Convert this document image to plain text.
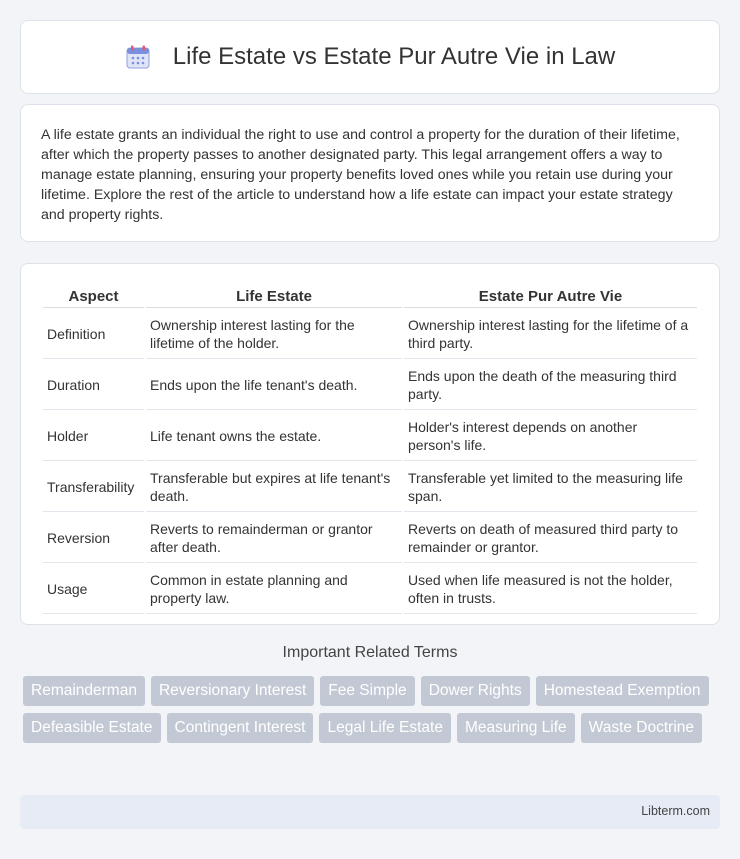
Life Estate vs Estate Pur Autre Vie in Law

A life estate grants an individual the right to use and control a property for the duration of their lifetime, after which the property passes to another designated party. This legal arrangement offers a way to manage estate planning, ensuring your property benefits loved ones while you retain use during your lifetime. Explore the rest of the article to understand how a life estate can impact your estate strategy and property rights.

Aspect	Life Estate	Estate Pur Autre Vie
Definition	Ownership interest lasting for the lifetime of the holder.	Ownership interest lasting for the lifetime of a third party.
Duration	Ends upon the life tenant's death.	Ends upon the death of the measuring third party.
Holder	Life tenant owns the estate.	Holder's interest depends on another person's life.
Transferability	Transferable but expires at life tenant's death.	Transferable yet limited to the measuring life span.
Reversion	Reverts to remainderman or grantor after death.	Reverts on death of measured third party to remainder or grantor.
Usage	Common in estate planning and property law.	Used when life measured is not the holder, often in trusts.
Important Related Terms
Remainderman	Reversionary Interest	Fee Simple	Dower Rights	Homestead Exemption
Defeasible Estate	Contingent Interest	Legal Life Estate	Measuring Life	Waste Doctrine
Libterm.com
